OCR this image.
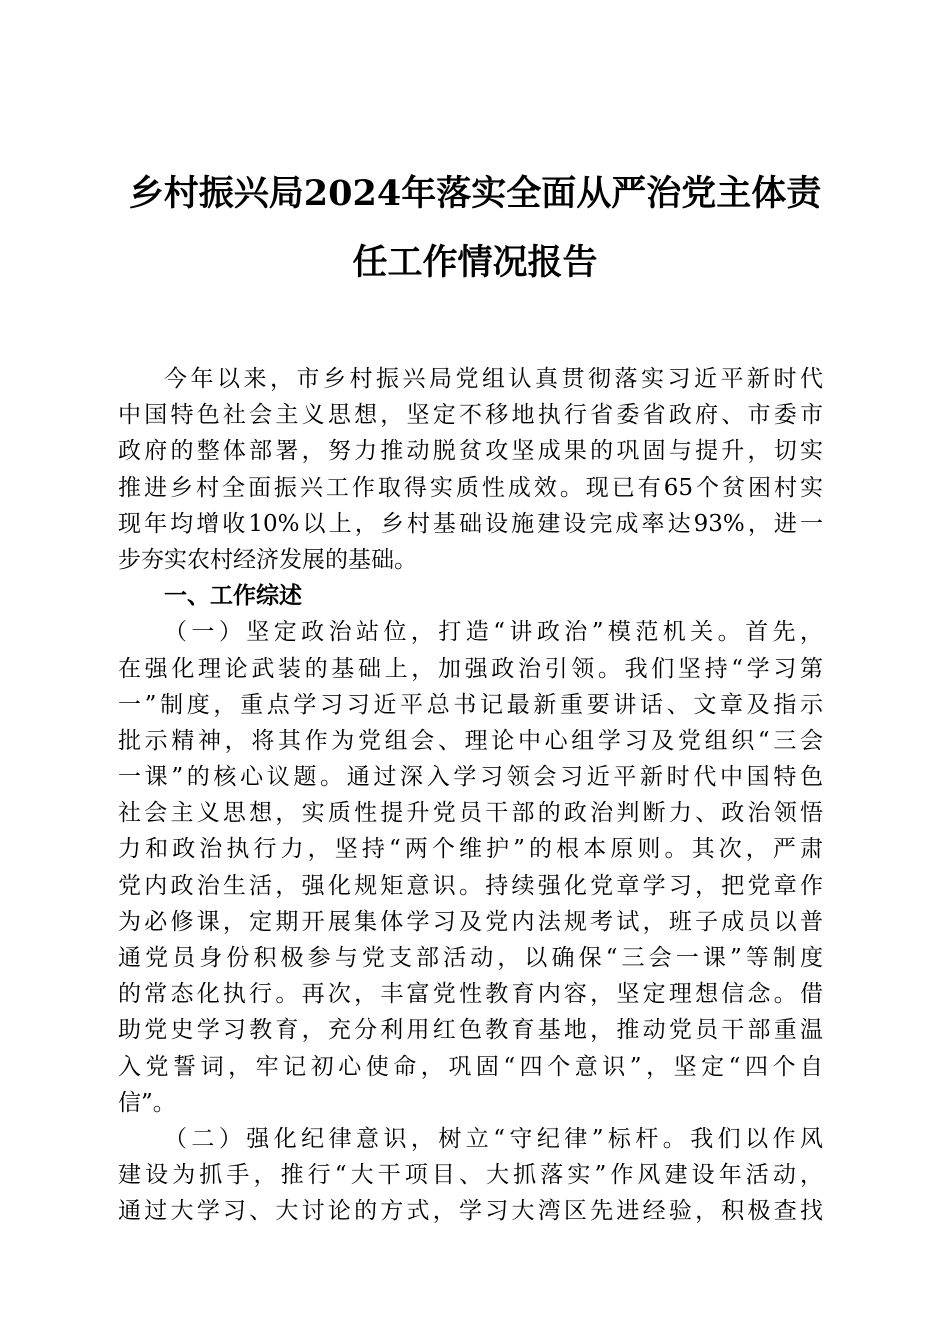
乡村振兴局2024年落实全面从严治党主体责
任工作情况报告
今年以来，市乡村振兴局党组认真贯彻落实习近平新时代
中国特色社会主义思想，坚定不移地执行省委省政府、市委市
政府的整体部署，努力推动脱贫攻坚成果的巩固与提升，切实
推进乡村全面振兴工作取得实质性成效。现已有65个贫困村实
现年均增收10%以上，乡村基础设施建设完成率达93%，进一
步夯实农村经济发展的基础。
一、工作综述
（一）坚定政治站位，打造“讲政治”模范机关。首先，
在强化理论武装的基础上，加强政治引领。我们坚持“学习第
一”制度，重点学习习近平总书记最新重要讲话、文章及指示
批示精神，将其作为党组会、理论中心组学习及党组织“三会
一课”的核心议题。通过深入学习领会习近平新时代中国特色
社会主义思想，实质性提升党员干部的政治判断力、政治领悟
力和政治执行力，坚持“两个维护”的根本原则。其次，严肃
党内政治生活，强化规矩意识。持续强化党章学习，把党章作
为必修课，定期开展集体学习及党内法规考试，班子成员以普
通党员身份积极参与党支部活动，以确保“三会一课”等制度
的常态化执行。再次，丰富党性教育内容，坚定理想信念。借
助党史学习教育，充分利用红色教育基地，推动党员干部重温
入党誓词，牢记初心使命，巩固“四个意识”，坚定“四个自
信”。
（二）强化纪律意识，树立“守纪律”标杆。我们以作风
建设为抓手，推行“大干项目、大抓落实”作风建设年活动，
通过大学习、大讨论的方式，学习大湾区先进经验，积极查找
